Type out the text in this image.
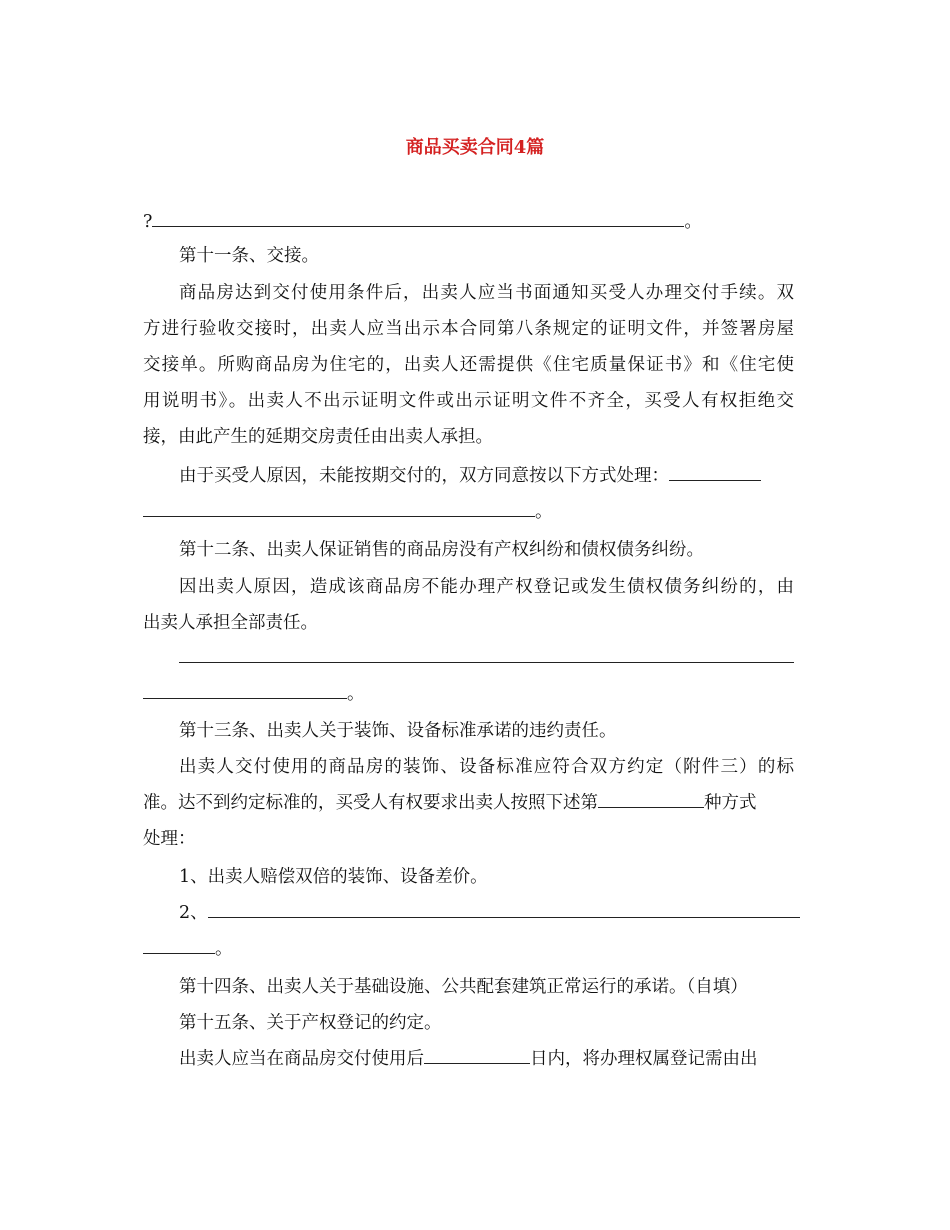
商品买卖合同4篇
?	。
第十一条、交接。
商品房达到交付使用条件后，出卖人应当书面通知买受人办理交付手续。双
方进行验收交接时，出卖人应当出示本合同第八条规定的证明文件，并签署房屋
交接单。所购商品房为住宅的，出卖人还需提供《住宅质量保证书》和《住宅使
用说明书》。出卖人不出示证明文件或出示证明文件不齐全，买受人有权拒绝交
接，由此产生的延期交房责任由出卖人承担。
由于买受人原因，未能按期交付的，双方同意按以下方式处理：
。
第十二条、出卖人保证销售的商品房没有产权纠纷和债权债务纠纷。
因出卖人原因，造成该商品房不能办理产权登记或发生债权债务纠纷的，由
出卖人承担全部责任。
。
第十三条、出卖人关于装饰、设备标准承诺的违约责任。
出卖人交付使用的商品房的装饰、设备标准应符合双方约定（附件三）的标
准。达不到约定标准的，买受人有权要求出卖人按照下述第	种方式
处理：
1、出卖人赔偿双倍的装饰、设备差价。
2、
。
第十四条、出卖人关于基础设施、公共配套建筑正常运行的承诺。（自填）
第十五条、关于产权登记的约定。
出卖人应当在商品房交付使用后	日内，将办理权属登记需由出
